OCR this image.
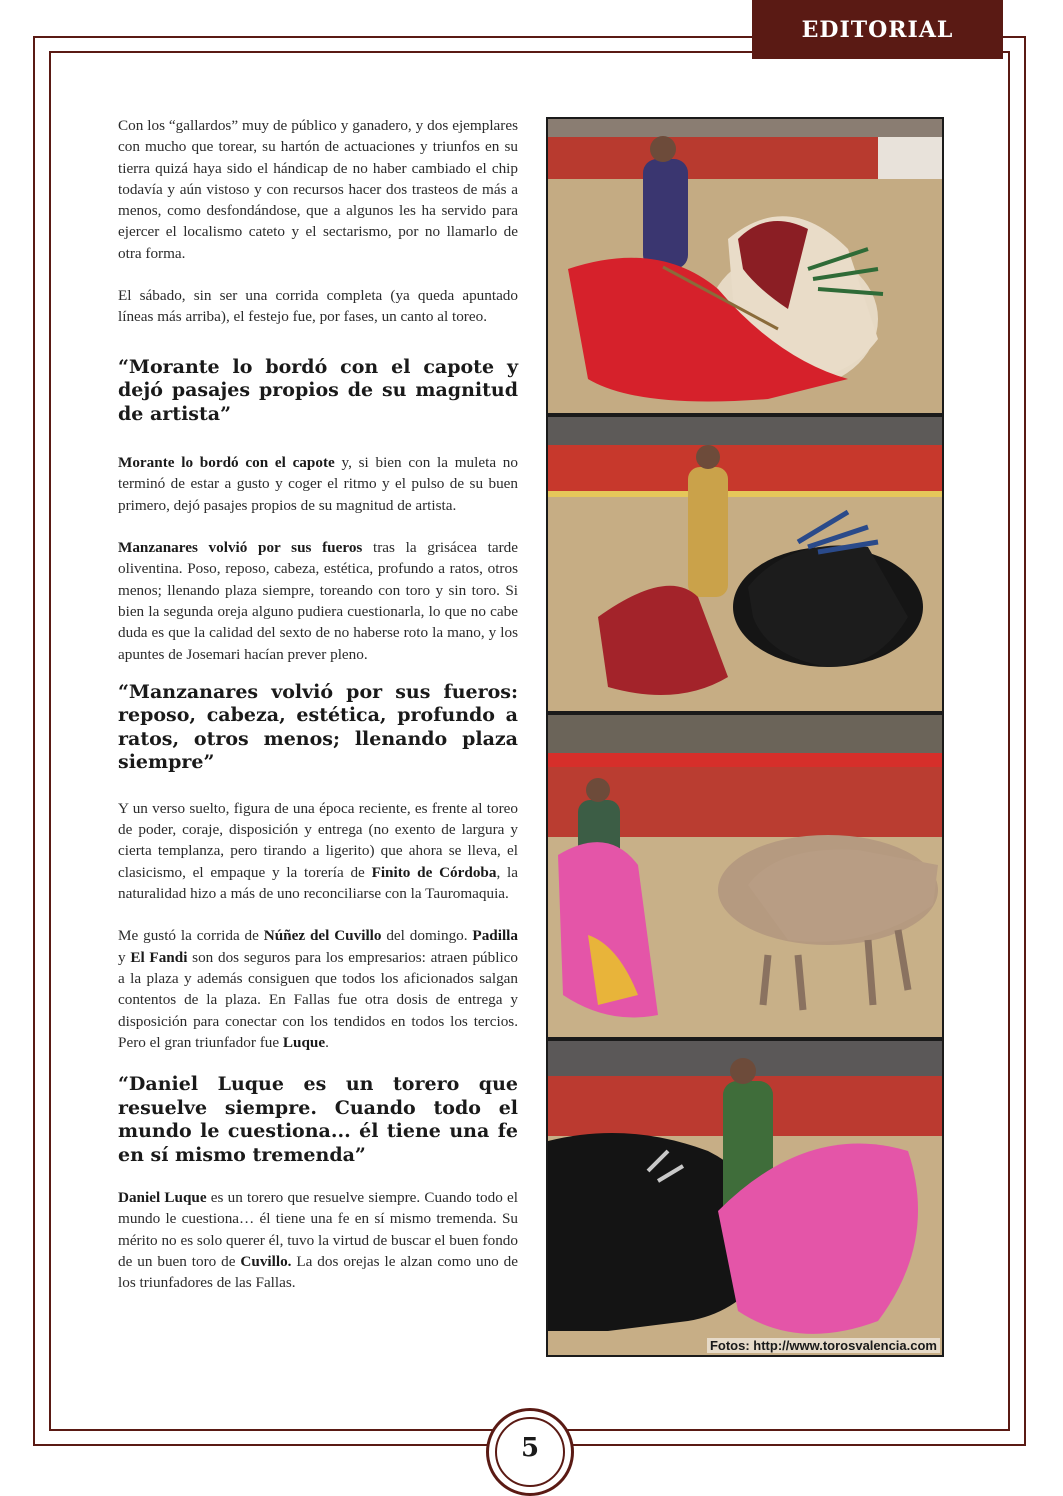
EDITORIAL

Con los “gallardos” muy de público y ganadero, y dos ejemplares con mucho que torear, su hartón de actuaciones y triunfos en su tierra quizá haya sido el hándicap de no haber cambiado el chip todavía y aún vistoso y con recursos hacer dos trasteos de más a menos, como desfondándose, que a algunos les ha servido para ejercer el localismo cateto y el sectarismo, por no llamarlo de otra forma.

El sábado, sin ser una corrida completa (ya queda apuntado líneas más arriba), el festejo fue, por fases, un canto al toreo.

“Morante lo bordó con el capote y dejó pasajes propios de su magnitud de artista”

Morante lo bordó con el capote y, si bien con la muleta no terminó de estar a gusto y coger el ritmo y el pulso de su buen primero, dejó pasajes propios de su magnitud de artista.

Manzanares volvió por sus fueros tras la grisácea tarde oliventina. Poso, reposo, cabeza, estética, profundo a ratos, otros menos; llenando plaza siempre, toreando con toro y sin toro. Si bien la segunda oreja alguno pudiera cuestionarla, lo que no cabe duda es que la calidad del sexto de no haberse roto la mano, y los apuntes de Josemari hacían prever pleno.

“Manzanares volvió por sus fueros: reposo, cabeza, estética, profundo a ratos, otros menos; llenando plaza siempre”

Y un verso suelto, figura de una época reciente, es frente al toreo de poder, coraje, disposición y entrega (no exento de largura y cierta templanza, pero tirando a ligerito) que ahora se lleva, el clasicismo, el empaque y la torería de Finito de Córdoba, la naturalidad hizo a más de uno reconciliarse con la Tauromaquia.

Me gustó la corrida de Núñez del Cuvillo del domingo. Padilla y El Fandi son dos seguros para los empresarios: atraen público a la plaza y además consiguen que todos los aficionados salgan contentos de la plaza. En Fallas fue otra dosis de entrega y disposición para conectar con los tendidos en todos los tercios. Pero el gran triunfador fue Luque.

“Daniel Luque es un torero que resuelve siempre. Cuando todo el mundo le cuestiona... él tiene una fe en sí mismo tremenda”

Daniel Luque es un torero que resuelve siempre. Cuando todo el mundo le cuestiona… él tiene una fe en sí mismo tremenda. Su mérito no es solo querer él, tuvo la virtud de buscar el buen fondo de un buen toro de Cuvillo. La dos orejas le alzan como uno de los triunfadores de las Fallas.

Fotos: http://www.torosvalencia.com
5
